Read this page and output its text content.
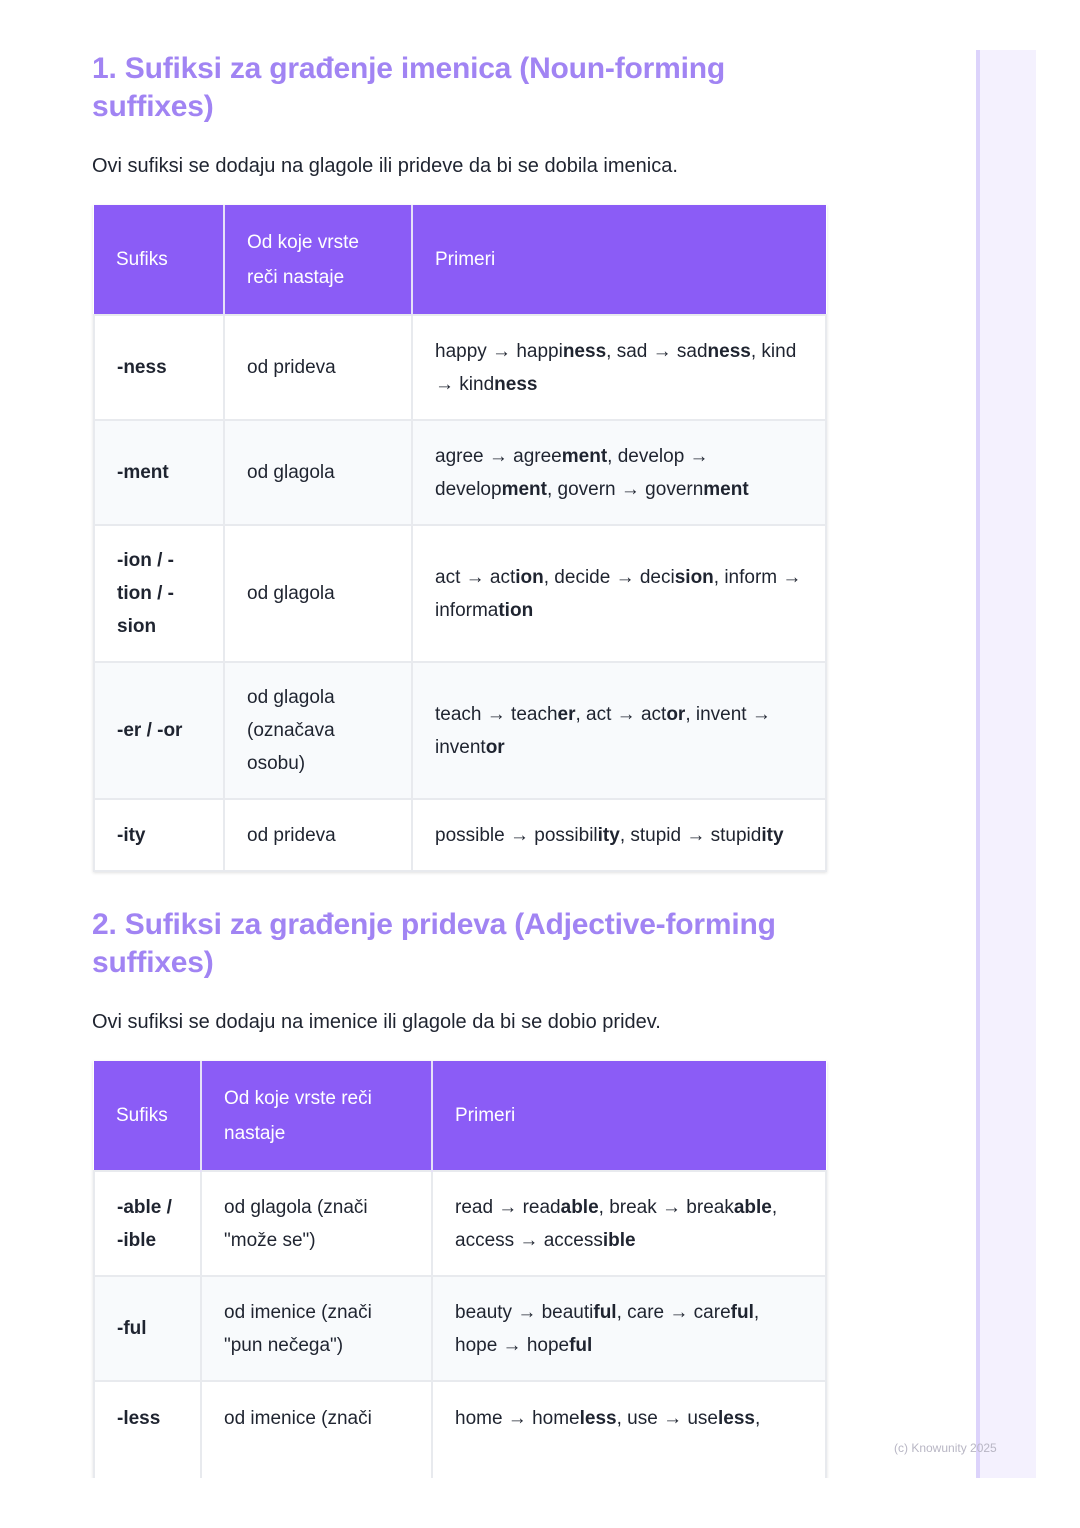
1. Sufiksi za građenje imenica (Noun-forming suffixes)

Ovi sufiksi se dodaju na glagole ili prideve da bi se dobila imenica.

Sufiks	Od koje vrste reči nastaje	Primeri
-ness	od prideva	happy → happiness, sad → sadness, kind → kindness
-ment	od glagola	agree → agreement, develop → development, govern → government
-ion / -tion / -sion	od glagola	act → action, decide → decision, inform → information
-er / -or	od glagola (označava osobu)	teach → teacher, act → actor, invent → inventor
-ity	od prideva	possible → possibility, stupid → stupidity
2. Sufiksi za građenje prideva (Adjective-forming suffixes)

Ovi sufiksi se dodaju na imenice ili glagole da bi se dobio pridev.

Sufiks	Od koje vrste reči nastaje	Primeri
-able / -ible	od glagola (znači "može se")	read → readable, break → breakable, access → accessible
-ful	od imenice (znači "pun nečega")	beauty → beautiful, care → careful, hope → hopeful
-less	od imenice (znači	home → homeless, use → useless,
(c) Knowunity 2025
